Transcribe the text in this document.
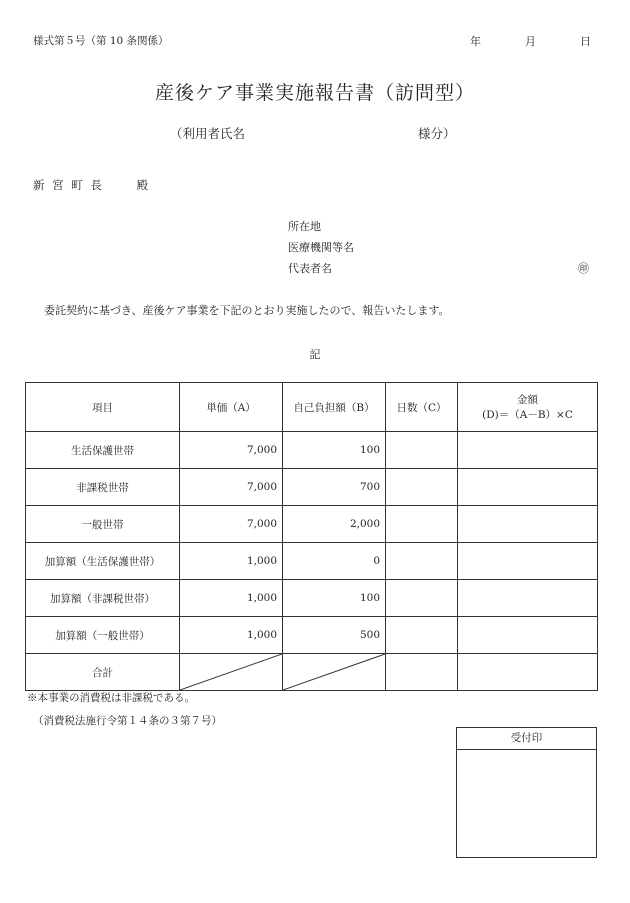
様式第５号（第 10 条関係）	年	月	日
産後ケア事業実施報告書（訪問型）
（利用者氏名	様分）
新 宮 町 長　　 殿
所在地
医療機関等名
代表者名	㊞
委託契約に基づき、産後ケア事業を下記のとおり実施したので、報告いたします。
記
項目	単価（A）	自己負担額（B）	日数（C）	金額
(D)＝（A－B）×C

生活保護世帯	7,000	100		
非課税世帯	7,000	700		
一般世帯	7,000	2,000		
加算額（生活保護世帯）	1,000	0		
加算額（非課税世帯）	1,000	100		
加算額（一般世帯）	1,000	500		
合計	

※本事業の消費税は非課税である。
（消費税法施行令第１４条の３第７号）
受付印
